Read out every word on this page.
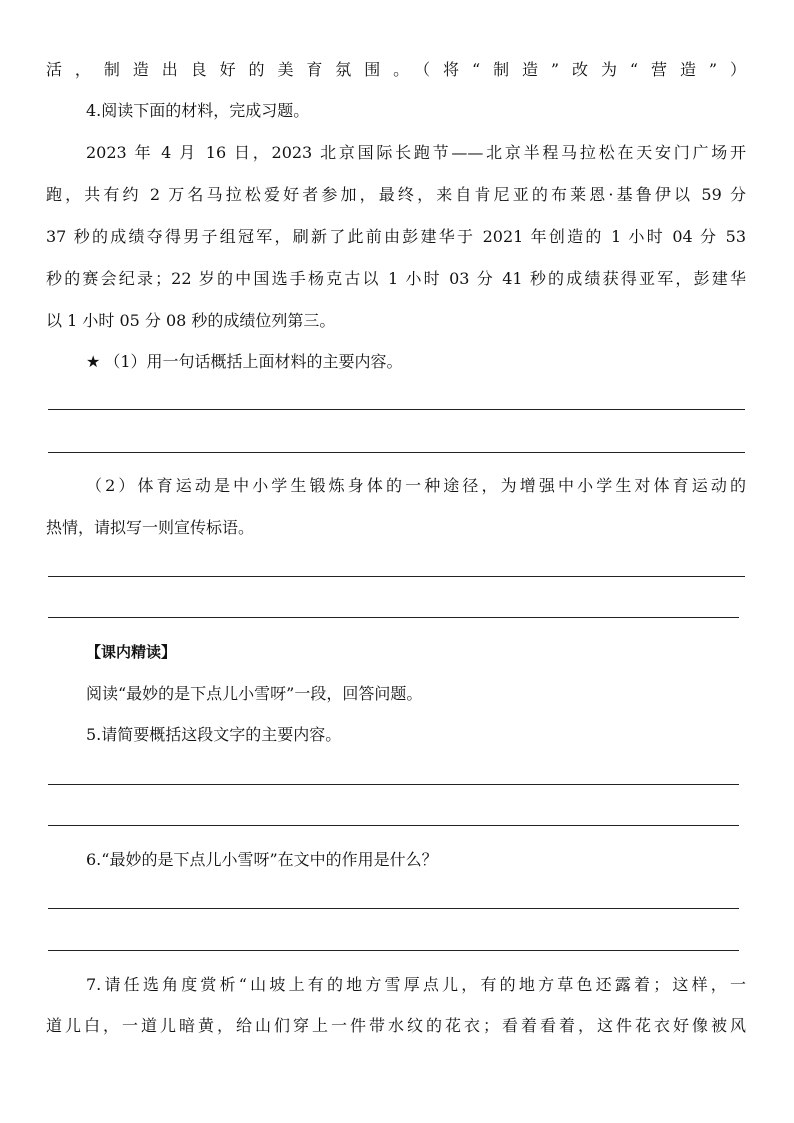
活，制造出良好的美育氛围。（将“制造”改为“营造”）
4.阅读下面的材料，完成习题。
2023 年 4 月 16 日，2023 北京国际长跑节——北京半程马拉松在天安门广场开
跑，共有约 2 万名马拉松爱好者参加，最终，来自肯尼亚的布莱恩·基鲁伊以 59 分
37 秒的成绩夺得男子组冠军，刷新了此前由彭建华于 2021 年创造的 1 小时 04 分 53
秒的赛会纪录；22 岁的中国选手杨克古以 1 小时 03 分 41 秒的成绩获得亚军，彭建华
以 1 小时 05 分 08 秒的成绩位列第三。
★ （1）用一句话概括上面材料的主要内容。
（2）体育运动是中小学生锻炼身体的一种途径，为增强中小学生对体育运动的
热情，请拟写一则宣传标语。
【课内精读】
阅读“最妙的是下点儿小雪呀”一段，回答问题。
5.请简要概括这段文字的主要内容。
6.“最妙的是下点儿小雪呀”在文中的作用是什么？
7.请任选角度赏析“山坡上有的地方雪厚点儿，有的地方草色还露着；这样，一
道儿白，一道儿暗黄，给山们穿上一件带水纹的花衣；看着看着，这件花衣好像被风
